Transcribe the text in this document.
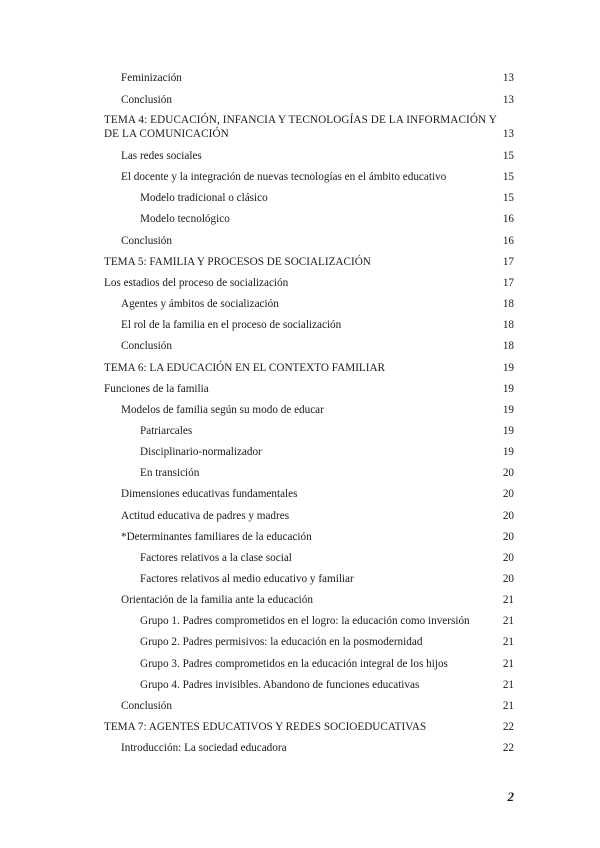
Feminización	13
Conclusión	13
TEMA 4: EDUCACIÓN, INFANCIA Y TECNOLOGÍAS DE LA INFORMACIÓN Y DE LA COMUNICACIÓN	13
Las redes sociales	15
El docente y la integración de nuevas tecnologías en el ámbito educativo	15
Modelo tradicional o clásico	15
Modelo tecnológico	16
Conclusión	16
TEMA 5: FAMILIA Y PROCESOS DE SOCIALIZACIÓN	17
Los estadios del proceso de socialización	17
Agentes y ámbitos de socialización	18
El rol de la familia en el proceso de socialización	18
Conclusión	18
TEMA 6: LA EDUCACIÓN EN EL CONTEXTO FAMILIAR	19
Funciones de la familia	19
Modelos de familia según su modo de educar	19
Patriarcales	19
Disciplinario-normalizador	19
En transición	20
Dimensiones educativas fundamentales	20
Actitud educativa de padres y madres	20
*Determinantes familiares de la educación	20
Factores relativos a la clase social	20
Factores relativos al medio educativo y familiar	20
Orientación de la familia ante la educación	21
Grupo 1. Padres comprometidos en el logro: la educación como inversión	21
Grupo 2. Padres permisivos: la educación en la posmodernidad	21
Grupo 3. Padres comprometidos en la educación integral de los hijos	21
Grupo 4. Padres invisibles. Abandono de funciones educativas	21
Conclusión	21
TEMA 7: AGENTES EDUCATIVOS Y REDES SOCIOEDUCATIVAS	22
Introducción: La sociedad educadora	22
2
